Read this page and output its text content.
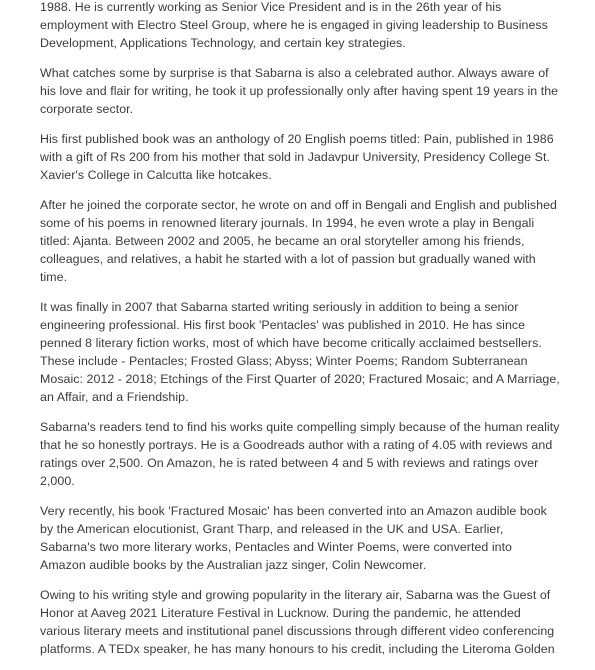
1988. He is currently working as Senior Vice President and is in the 26th year of his employment with Electro Steel Group, where he is engaged in giving leadership to Business Development, Applications Technology, and certain key strategies.

What catches some by surprise is that Sabarna is also a celebrated author. Always aware of his love and flair for writing, he took it up professionally only after having spent 19 years in the corporate sector.

His first published book was an anthology of 20 English poems titled: Pain, published in 1986 with a gift of Rs 200 from his mother that sold in Jadavpur University, Presidency College St. Xavier's College in Calcutta like hotcakes.

After he joined the corporate sector, he wrote on and off in Bengali and English and published some of his poems in renowned literary journals. In 1994, he even wrote a play in Bengali titled: Ajanta. Between 2002 and 2005, he became an oral storyteller among his friends, colleagues, and relatives, a habit he started with a lot of passion but gradually waned with time.

It was finally in 2007 that Sabarna started writing seriously in addition to being a senior engineering professional. His first book 'Pentacles' was published in 2010. He has since penned 8 literary fiction works, most of which have become critically acclaimed bestsellers. These include - Pentacles; Frosted Glass; Abyss; Winter Poems; Random Subterranean Mosaic: 2012 - 2018; Etchings of the First Quarter of 2020; Fractured Mosaic; and A Marriage, an Affair, and a Friendship.

Sabarna's readers tend to find his works quite compelling simply because of the human reality that he so honestly portrays. He is a Goodreads author with a rating of 4.05 with reviews and ratings over 2,500. On Amazon, he is rated between 4 and 5 with reviews and ratings over 2,000.

Very recently, his book 'Fractured Mosaic' has been converted into an Amazon audible book by the American elocutionist, Grant Tharp, and released in the UK and USA. Earlier, Sabarna's two more literary works, Pentacles and Winter Poems, were converted into Amazon audible books by the Australian jazz singer, Colin Newcomer.

Owing to his writing style and growing popularity in the literary air, Sabarna was the Guest of Honor at Aaveg 2021 Literature Festival in Lucknow. During the pandemic, he attended various literary meets and institutional panel discussions through different video conferencing platforms. A TEDx speaker, he has many honours to his credit, including the Literoma Golden
